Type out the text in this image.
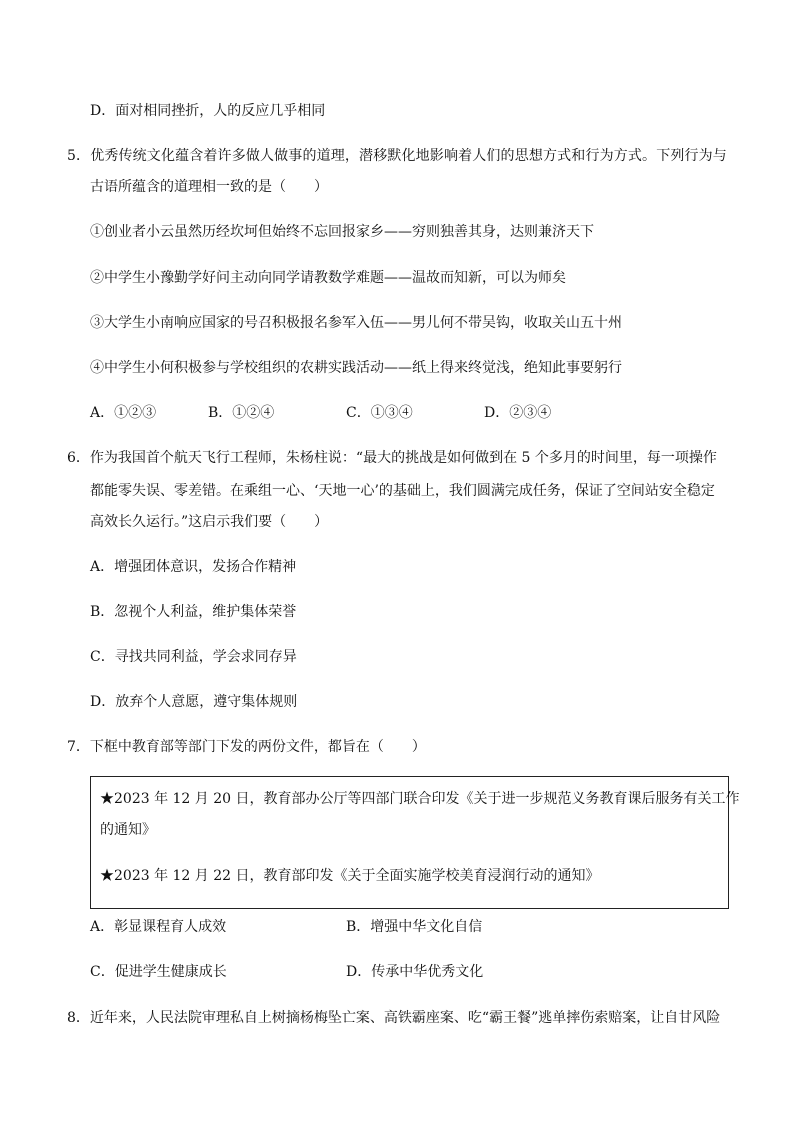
D．面对相同挫折，人的反应几乎相同
5．优秀传统文化蕴含着许多做人做事的道理，潜移默化地影响着人们的思想方式和行为方式。下列行为与
古语所蕴含的道理相一致的是（　　）
①创业者小云虽然历经坎坷但始终不忘回报家乡——穷则独善其身，达则兼济天下
②中学生小豫勤学好问主动向同学请教数学难题——温故而知新，可以为师矣
③大学生小南响应国家的号召积极报名参军入伍——男儿何不带吴钩，收取关山五十州
④中学生小何积极参与学校组织的农耕实践活动——纸上得来终觉浅，绝知此事要躬行
A．①②③	B．①②④	C．①③④	D．②③④
6．作为我国首个航天飞行工程师，朱杨柱说：“最大的挑战是如何做到在 5 个多月的时间里，每一项操作
都能零失误、零差错。在乘组一心、‘天地一心’的基础上，我们圆满完成任务，保证了空间站安全稳定
高效长久运行。”这启示我们要（　　）
A．增强团体意识，发扬合作精神
B．忽视个人利益，维护集体荣誉
C．寻找共同利益，学会求同存异
D．放弃个人意愿，遵守集体规则
7．下框中教育部等部门下发的两份文件，都旨在（　　）
★2023 年 12 月 20 日，教育部办公厅等四部门联合印发《关于进一步规范义务教育课后服务有关工作
的通知》
★2023 年 12 月 22 日，教育部印发《关于全面实施学校美育浸润行动的通知》
A．彰显课程育人成效	B．增强中华文化自信
C．促进学生健康成长	D．传承中华优秀文化
8．近年来，人民法院审理私自上树摘杨梅坠亡案、高铁霸座案、吃“霸王餐”逃单摔伤索赔案，让自甘风险
